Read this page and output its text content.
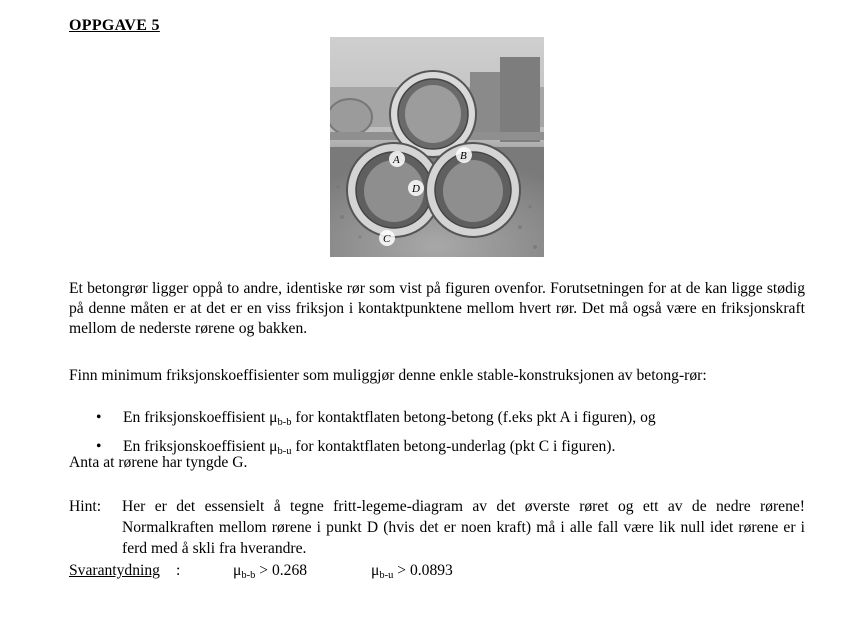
OPPGAVE 5
A	B
C
D

Et betongrør ligger oppå to andre, identiske rør som vist på figuren ovenfor. Forutsetningen for at de kan ligge stødig på denne måten er at det er en viss friksjon i kontaktpunktene mellom hvert rør. Det må også være en friksjonskraft mellom de nederste rørene og bakken.

Finn minimum friksjonskoeffisienter som muliggjør denne enkle stable-konstruksjonen av betong-rør:

• En friksjonskoeffisient $\mu_{b-b}$ for kontaktflaten betong-betong (f.eks pkt A i figuren), og
• En friksjonskoeffisient $\mu_{b-u}$ for kontaktflaten betong-underlag (pkt C i figuren).

Anta at rørene har tyngde G.

Hint: Her er det essensielt å tegne fritt-legeme-diagram av det øverste røret og ett av de nedre rørene! Normalkraften mellom rørene i punkt D (hvis det er noen kraft) må i alle fall være lik null idet rørene er i ferd med å skli fra hverandre.
Svarantydning :	$\mu_{b-b} > 0.268$	$\mu_{b-u} > 0.0893$
